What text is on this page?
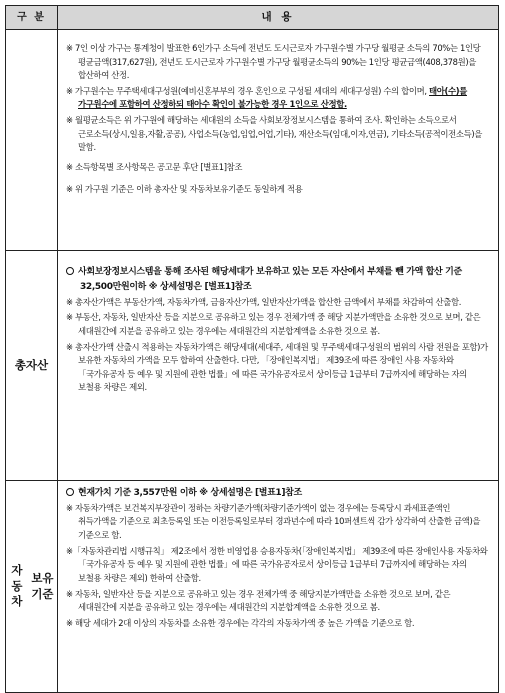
구 분	내 용

※ 7인 이상 가구는 통계청이 발표한 6인가구 소득에 전년도 도시근로자 가구원수별 가구당 월평균 소득의 70%는 1인당 평균금액(317,627원), 전년도 도시근로자 가구원수별 가구당 월평균소득의 90%는 1인당 평균금액(408,378원)을 합산하여 산정.

※ 가구원수는 무주택세대구성원(예비신혼부부의 경우 혼인으로 구성될 세대의 세대구성원) 수의 합이며, 태아(수)를 가구원수에 포함하여 산정하되 태아수 확인이 불가능한 경우 1인으로 산정함.

※ 월평균소득은 위 가구원에 해당하는 세대원의 소득을 사회보장정보시스템을 통하여 조사. 확인하는 소득으로서 근로소득(상시,일용,자활,공공), 사업소득(농업,임업,어업,기타), 재산소득(임대,이자,연금), 기타소득(공적이전소득)을 말함.

※ 소득항목별 조사항목은 공고문 후단 [별표1]참조

※ 위 가구원 기준은 이하 총자산 및 자동차보유기준도 동일하게 적용

총자산

사회보장정보시스템을 통해 조사된 해당세대가 보유하고 있는 모든 자산에서 부채를 뺀 가액 합산 기준 32,500만원이하 ※ 상세설명은 [별표1]참조

※ 총자산가액은 부동산가액, 자동차가액, 금융자산가액, 일반자산가액을 합산한 금액에서 부채를 차감하여 산출함.

※ 부동산, 자동차, 일반자산 등을 지분으로 공유하고 있는 경우 전체가액 중 해당 지분가액만을 소유한 것으로 보며, 같은 세대원간에 지분을 공유하고 있는 경우에는 세대원간의 지분합계액을 소유한 것으로 봄.

※ 총자산가액 산출시 적용하는 자동차가액은 해당세대(세대주, 세대원 및 무주택세대구성원의 범위의 사람 전원을 포함)가 보유한 자동차의 가액을 모두 합하여 산출한다. 다만, 「장애인복지법」 제39조에 따른 장애인 사용 자동차와 「국가유공자 등 예우 및 지원에 관한 법률」에 따른 국가유공자로서 상이등급 1급부터 7급까지에 해당하는 자의 보철용 차량은 제외.

자동차

보유기준

현재가치 기준 3,557만원 이하 ※ 상세설명은 [별표1]참조

※ 자동차가액은 보건복지부장관이 정하는 차량기준가액(차량기준가액이 없는 경우에는 등록당시 과세표준액인 취득가액을 기준으로 최초등록일 또는 이전등록일로부터 경과년수에 따라 10퍼센트씩 감가 상각하여 산출한 금액)을 기준으로 함.

※「자동차관리법 시행규칙」 제2조에서 정한 비영업용 승용자동차(「장애인복지법」 제39조에 따른 장애인사용 자동차와 「국가유공자 등 예우 및 지원에 관한 법률」에 따른 국가유공자로서 상이등급 1급부터 7급까지에 해당하는 자의 보철용 차량은 제외) 한하여 산출함.

※ 자동차, 일반자산 등을 지분으로 공유하고 있는 경우 전체가액 중 해당지분가액만을 소유한 것으로 보며, 같은 세대원간에 지분을 공유하고 있는 경우에는 세대원간의 지분합계액을 소유한 것으로 봄.

※ 해당 세대가 2대 이상의 자동차를 소유한 경우에는 각각의 자동차가액 중 높은 가액을 기준으로 함.
